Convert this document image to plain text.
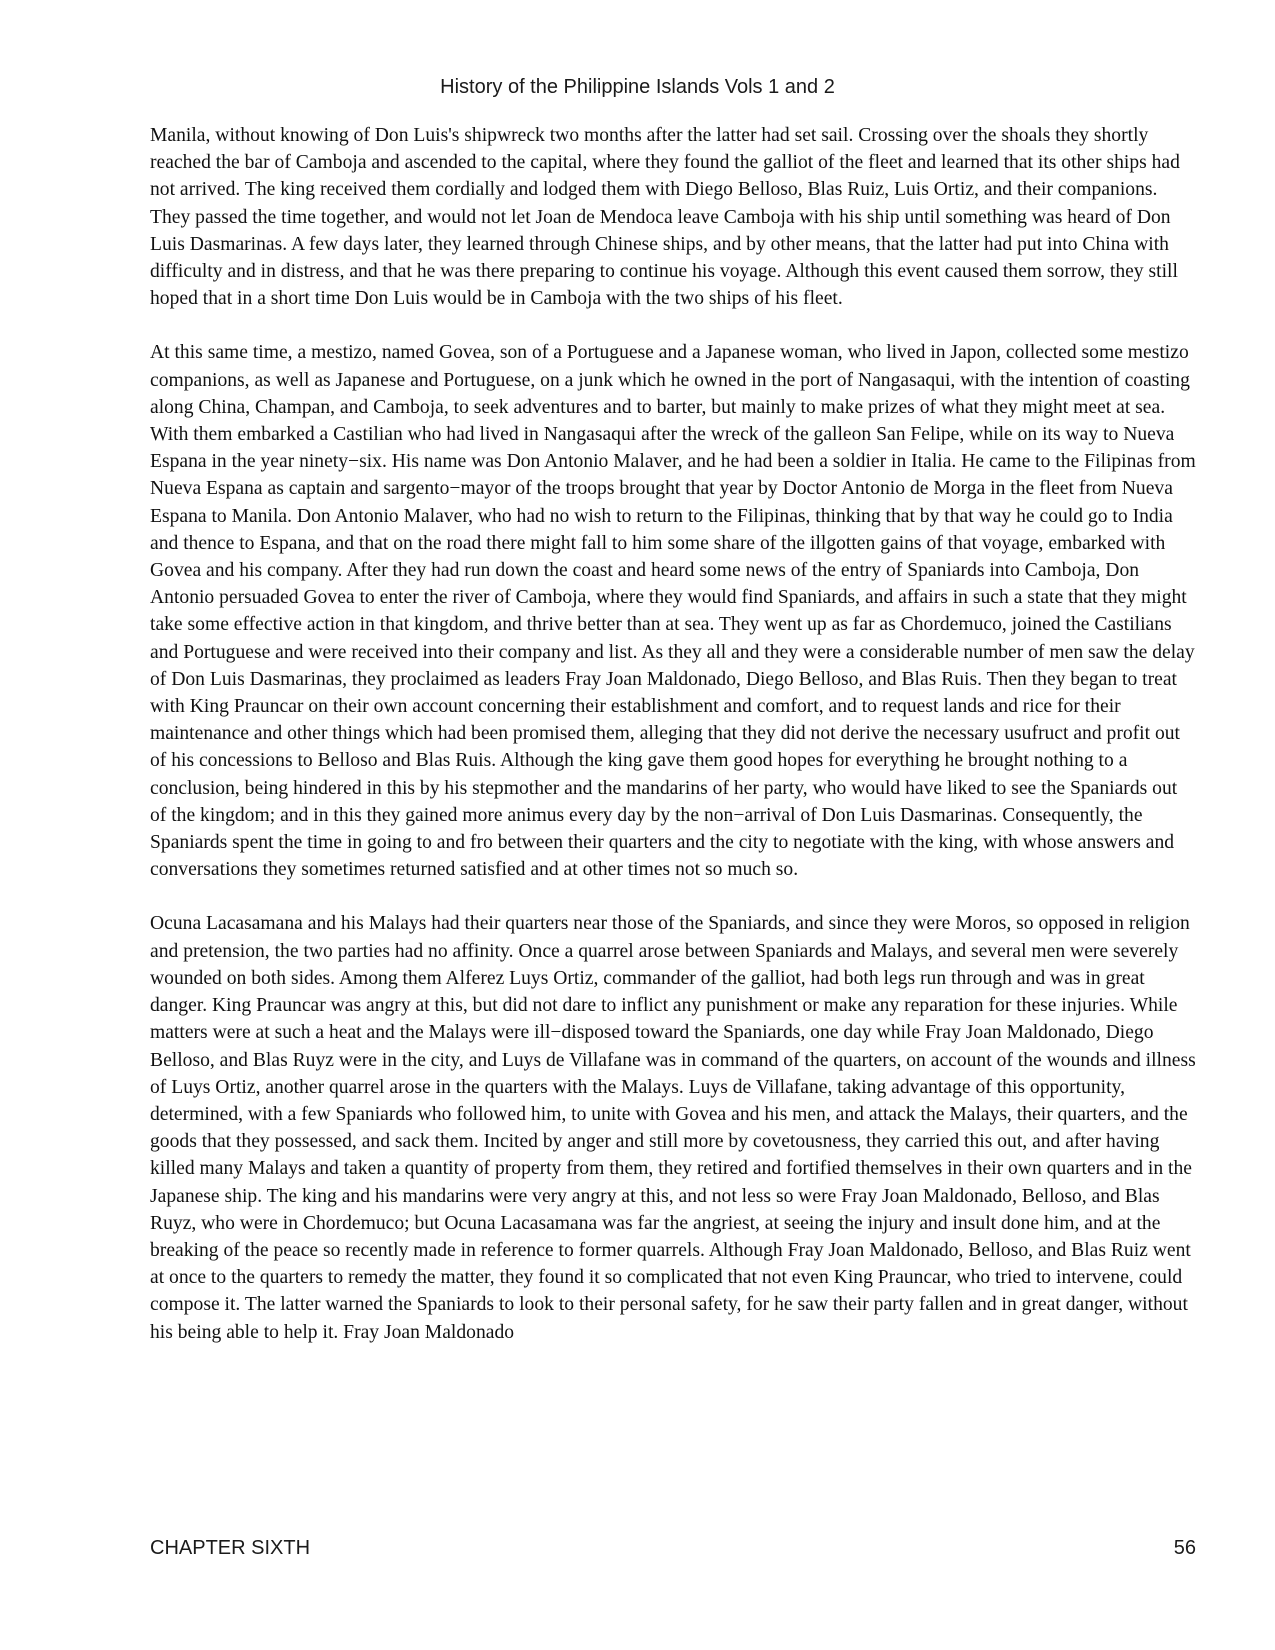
History of the Philippine Islands Vols 1 and 2

Manila, without knowing of Don Luis's shipwreck two months after the latter had set sail. Crossing over the shoals they shortly reached the bar of Camboja and ascended to the capital, where they found the galliot of the fleet and learned that its other ships had not arrived. The king received them cordially and lodged them with Diego Belloso, Blas Ruiz, Luis Ortiz, and their companions. They passed the time together, and would not let Joan de Mendoca leave Camboja with his ship until something was heard of Don Luis Dasmarinas. A few days later, they learned through Chinese ships, and by other means, that the latter had put into China with difficulty and in distress, and that he was there preparing to continue his voyage. Although this event caused them sorrow, they still hoped that in a short time Don Luis would be in Camboja with the two ships of his fleet.

At this same time, a mestizo, named Govea, son of a Portuguese and a Japanese woman, who lived in Japon, collected some mestizo companions, as well as Japanese and Portuguese, on a junk which he owned in the port of Nangasaqui, with the intention of coasting along China, Champan, and Camboja, to seek adventures and to barter, but mainly to make prizes of what they might meet at sea. With them embarked a Castilian who had lived in Nangasaqui after the wreck of the galleon San Felipe, while on its way to Nueva Espana in the year ninety−six. His name was Don Antonio Malaver, and he had been a soldier in Italia. He came to the Filipinas from Nueva Espana as captain and sargento−mayor of the troops brought that year by Doctor Antonio de Morga in the fleet from Nueva Espana to Manila. Don Antonio Malaver, who had no wish to return to the Filipinas, thinking that by that way he could go to India and thence to Espana, and that on the road there might fall to him some share of the illgotten gains of that voyage, embarked with Govea and his company. After they had run down the coast and heard some news of the entry of Spaniards into Camboja, Don Antonio persuaded Govea to enter the river of Camboja, where they would find Spaniards, and affairs in such a state that they might take some effective action in that kingdom, and thrive better than at sea. They went up as far as Chordemuco, joined the Castilians and Portuguese and were received into their company and list. As they all and they were a considerable number of men saw the delay of Don Luis Dasmarinas, they proclaimed as leaders Fray Joan Maldonado, Diego Belloso, and Blas Ruis. Then they began to treat with King Prauncar on their own account concerning their establishment and comfort, and to request lands and rice for their maintenance and other things which had been promised them, alleging that they did not derive the necessary usufruct and profit out of his concessions to Belloso and Blas Ruis. Although the king gave them good hopes for everything he brought nothing to a conclusion, being hindered in this by his stepmother and the mandarins of her party, who would have liked to see the Spaniards out of the kingdom; and in this they gained more animus every day by the non−arrival of Don Luis Dasmarinas. Consequently, the Spaniards spent the time in going to and fro between their quarters and the city to negotiate with the king, with whose answers and conversations they sometimes returned satisfied and at other times not so much so.

Ocuna Lacasamana and his Malays had their quarters near those of the Spaniards, and since they were Moros, so opposed in religion and pretension, the two parties had no affinity. Once a quarrel arose between Spaniards and Malays, and several men were severely wounded on both sides. Among them Alferez Luys Ortiz, commander of the galliot, had both legs run through and was in great danger. King Prauncar was angry at this, but did not dare to inflict any punishment or make any reparation for these injuries. While matters were at such a heat and the Malays were ill−disposed toward the Spaniards, one day while Fray Joan Maldonado, Diego Belloso, and Blas Ruyz were in the city, and Luys de Villafane was in command of the quarters, on account of the wounds and illness of Luys Ortiz, another quarrel arose in the quarters with the Malays. Luys de Villafane, taking advantage of this opportunity, determined, with a few Spaniards who followed him, to unite with Govea and his men, and attack the Malays, their quarters, and the goods that they possessed, and sack them. Incited by anger and still more by covetousness, they carried this out, and after having killed many Malays and taken a quantity of property from them, they retired and fortified themselves in their own quarters and in the Japanese ship. The king and his mandarins were very angry at this, and not less so were Fray Joan Maldonado, Belloso, and Blas Ruyz, who were in Chordemuco; but Ocuna Lacasamana was far the angriest, at seeing the injury and insult done him, and at the breaking of the peace so recently made in reference to former quarrels. Although Fray Joan Maldonado, Belloso, and Blas Ruiz went at once to the quarters to remedy the matter, they found it so complicated that not even King Prauncar, who tried to intervene, could compose it. The latter warned the Spaniards to look to their personal safety, for he saw their party fallen and in great danger, without his being able to help it. Fray Joan Maldonado

CHAPTER SIXTH	56
